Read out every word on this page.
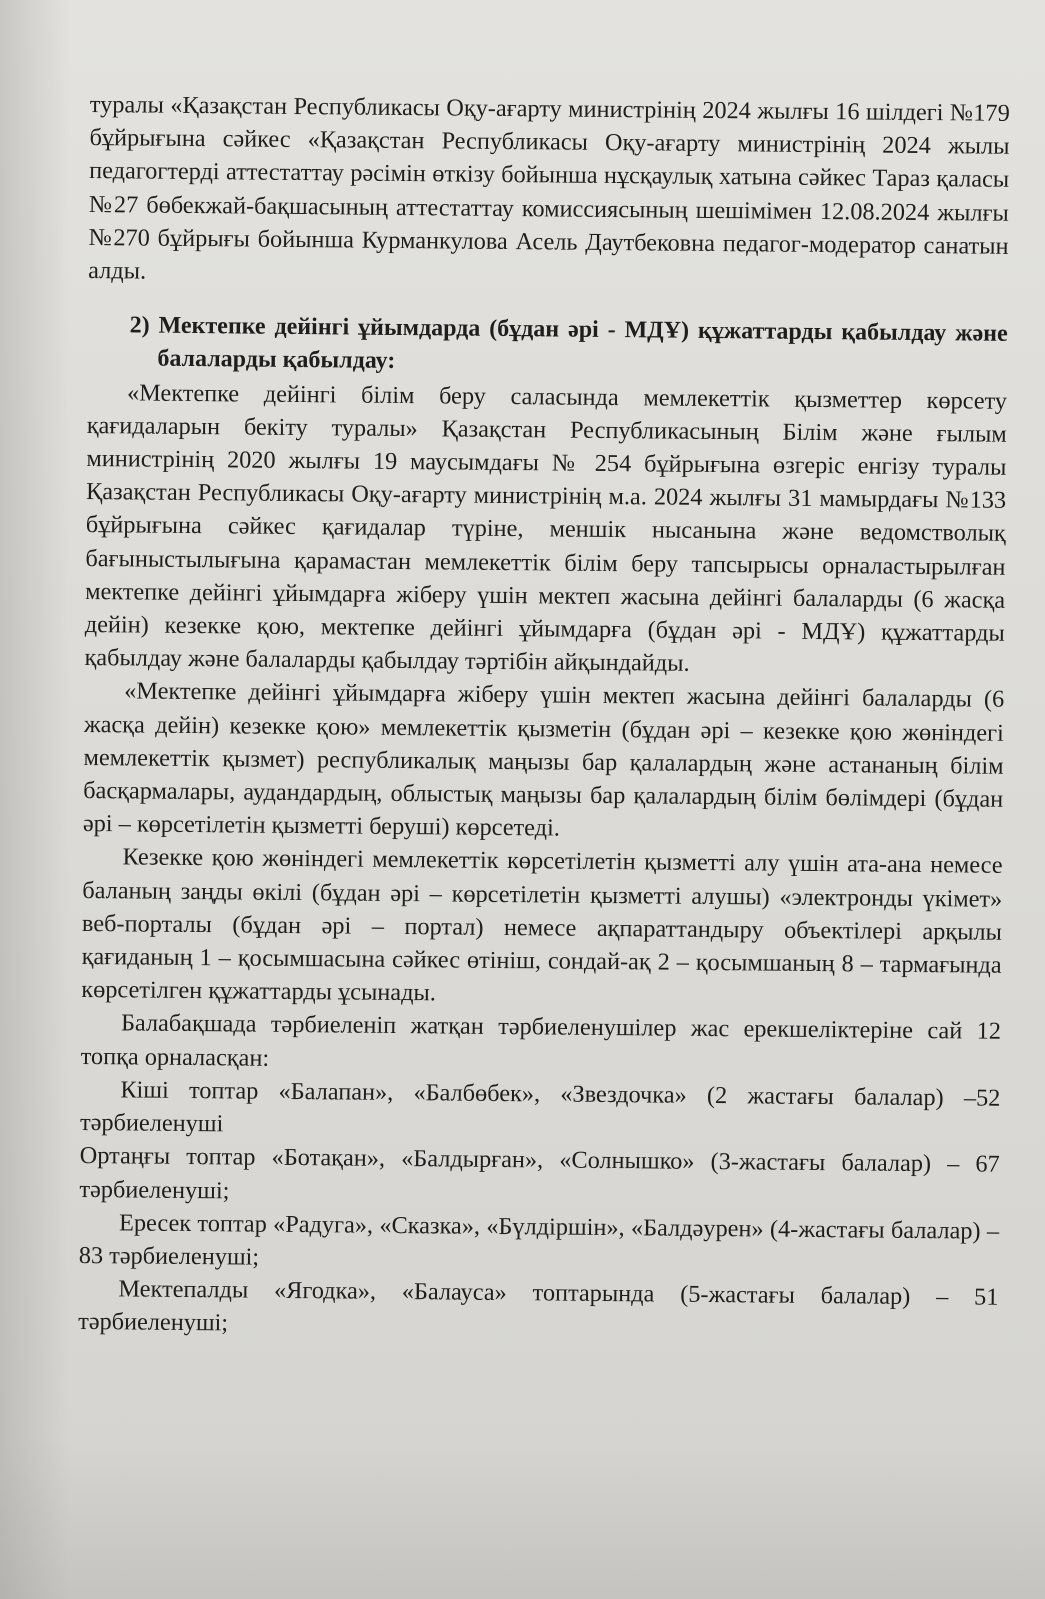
туралы «Қазақстан Республикасы Оқу-ағарту министрінің 2024 жылғы 16 шілдегі №179 бұйрығына сәйкес «Қазақстан Республикасы Оқу-ағарту министрінің 2024 жылы педагогтерді аттестаттау рәсімін өткізу бойынша нұсқаулық хатына сәйкес Тараз қаласы №27 бөбекжай-бақшасының аттестаттау комиссиясының шешімімен 12.08.2024 жылғы №270 бұйрығы бойынша Курманкулова Асель Даутбековна педагог-модератор санатын алды.

2) Мектепке дейінгі ұйымдарда (бұдан әрі - МДҰ) құжаттарды қабылдау және балаларды қабылдау:

«Мектепке дейінгі білім беру саласында мемлекеттік қызметтер көрсету қағидаларын бекіту туралы» Қазақстан Республикасының Білім және ғылым министрінің 2020 жылғы 19 маусымдағы № 254 бұйрығына өзгеріс енгізу туралы Қазақстан Республикасы Оқу-ағарту министрінің м.а. 2024 жылғы 31 мамырдағы №133 бұйрығына сәйкес қағидалар түріне, меншік нысанына және ведомстволық бағыныстылығына қарамастан мемлекеттік білім беру тапсырысы орналастырылған мектепке дейінгі ұйымдарға жіберу үшін мектеп жасына дейінгі балаларды (6 жасқа дейін) кезекке қою, мектепке дейінгі ұйымдарға (бұдан әрі - МДҰ) құжаттарды қабылдау және балаларды қабылдау тәртібін айқындайды.

«Мектепке дейінгі ұйымдарға жіберу үшін мектеп жасына дейінгі балаларды (6 жасқа дейін) кезекке қою» мемлекеттік қызметін (бұдан әрі – кезекке қою жөніндегі мемлекеттік қызмет) республикалық маңызы бар қалалардың және астананың білім басқармалары, аудандардың, облыстық маңызы бар қалалардың білім бөлімдері (бұдан әрі – көрсетілетін қызметті беруші) көрсетеді.

Кезекке қою жөніндегі мемлекеттік көрсетілетін қызметті алу үшін ата-ана немесе баланың заңды өкілі (бұдан әрі – көрсетілетін қызметті алушы) «электронды үкімет» веб-порталы (бұдан әрі – портал) немесе ақпараттандыру объектілері арқылы қағиданың 1 – қосымшасына сәйкес өтініш, сондай-ақ 2 – қосымшаның 8 – тармағында көрсетілген құжаттарды ұсынады.

Балабақшада тәрбиеленіп жатқан тәрбиеленушілер жас ерекшеліктеріне сай 12 топқа орналасқан:

Кіші топтар «Балапан», «Балбөбек», «Звездочка» (2 жастағы балалар) –52 тәрбиеленуші

Ортаңғы топтар «Ботақан», «Балдырған», «Солнышко» (3-жастағы балалар) – 67 тәрбиеленуші;

Ересек топтар «Радуга», «Сказка», «Бүлдіршін», «Балдәурен» (4-жастағы балалар) – 83 тәрбиеленуші;

Мектепалды «Ягодка», «Балауса» топтарында (5-жастағы балалар) – 51 тәрбиеленуші;
